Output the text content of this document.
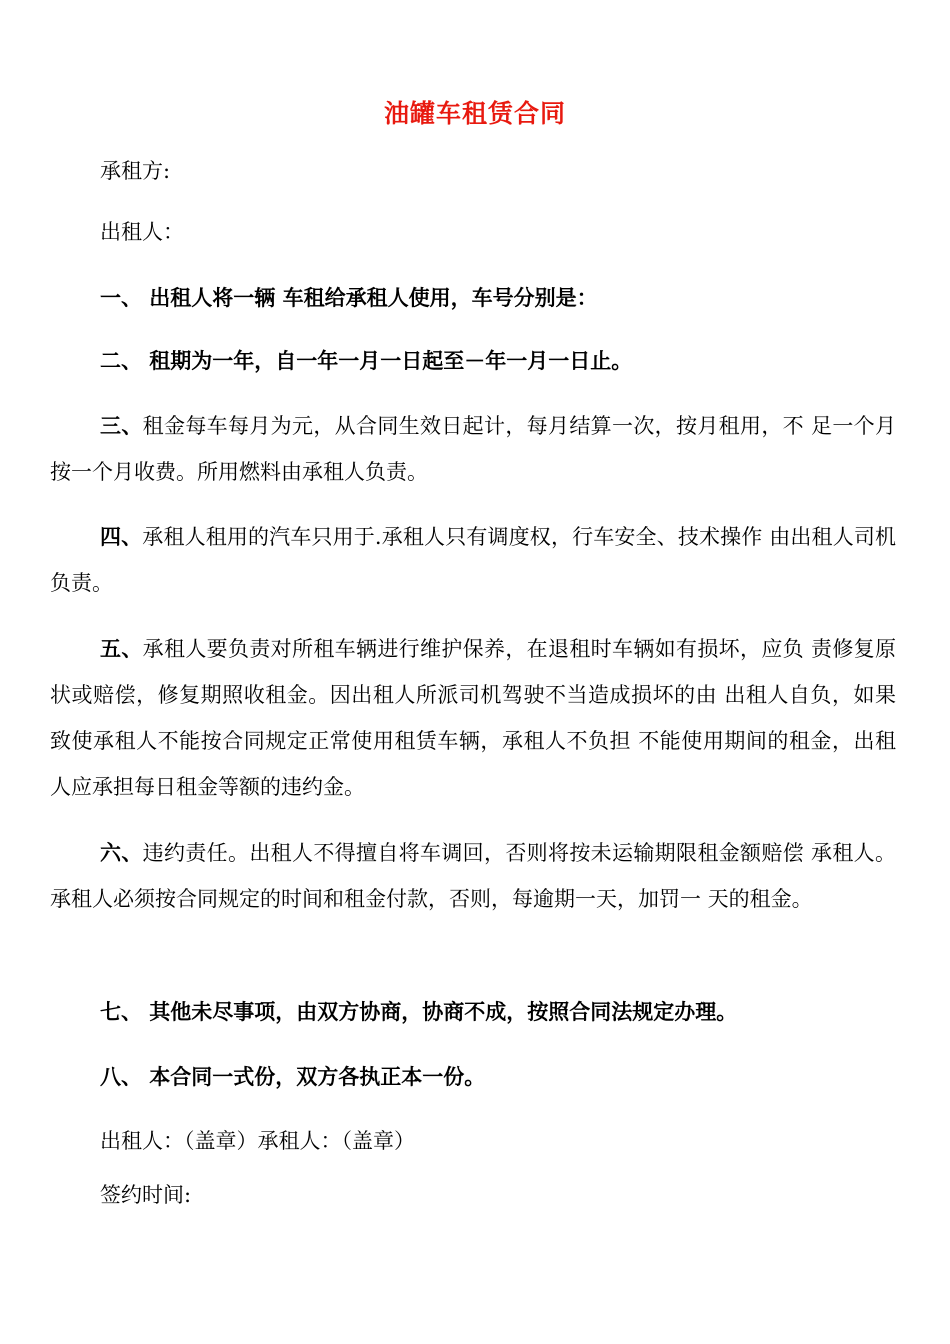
油罐车租赁合同
承租方:
出租人：
一、 出租人将一辆 车租给承租人使用，车号分别是：
二、 租期为一年，自一年一月一日起至－年一月一日止。
三、租金每车每月为元，从合同生效日起计，每月结算一次，按月租用，不 足一个月按一个月收费。所用燃料由承租人负责。
四、承租人租用的汽车只用于.承租人只有调度权，行车安全、技术操作 由出租人司机负责。
五、承租人要负责对所租车辆进行维护保养，在退租时车辆如有损坏，应负 责修复原状或赔偿，修复期照收租金。因出租人所派司机驾驶不当造成损坏的由 出租人自负，如果致使承租人不能按合同规定正常使用租赁车辆，承租人不负担 不能使用期间的租金，出租人应承担每日租金等额的违约金。
六、违约责任。出租人不得擅自将车调回，否则将按未运输期限租金额赔偿 承租人。承租人必须按合同规定的时间和租金付款，否则，每逾期一天，加罚一 天的租金。
七、 其他未尽事项，由双方协商，协商不成，按照合同法规定办理。
八、 本合同一式份，双方各执正本一份。
出租人：（盖章）承租人：（盖章）
签约时间:
